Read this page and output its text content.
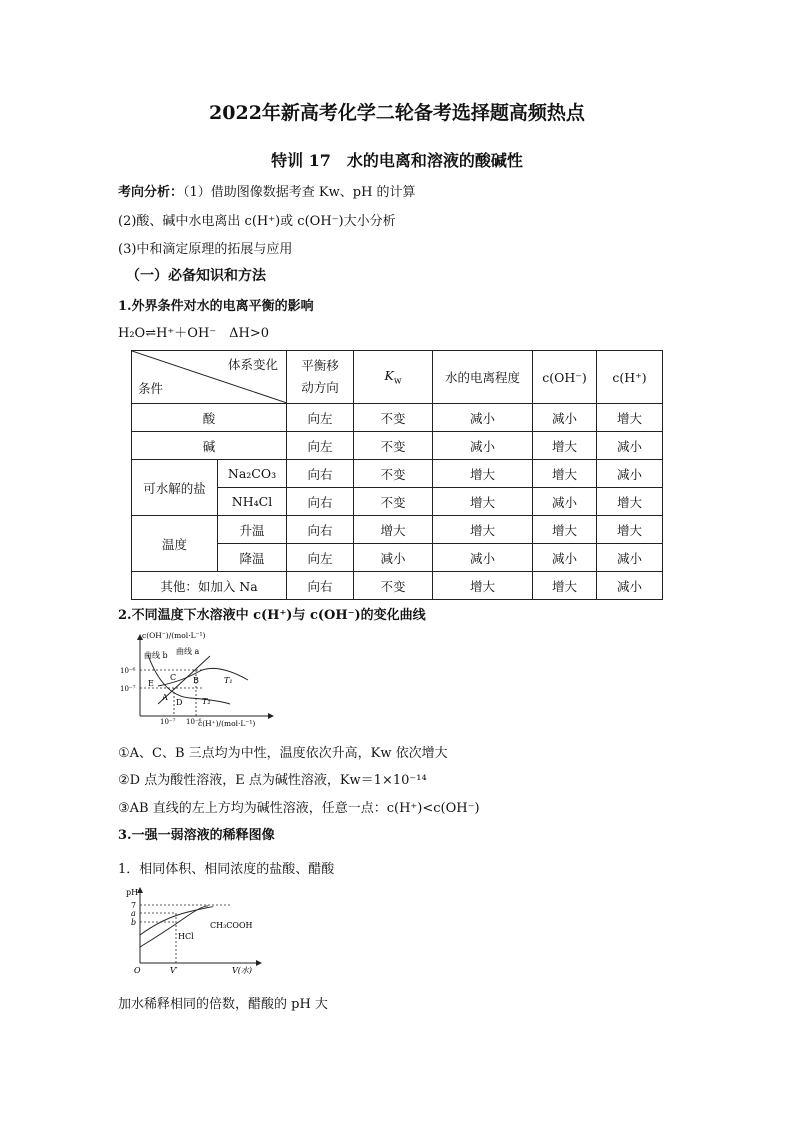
2022年新高考化学二轮备考选择题高频热点
特训 17　水的电离和溶液的酸碱性
考向分析：（1）借助图像数据考查 Kw、pH 的计算
(2)酸、碱中水电离出 c(H⁺)或 c(OH⁻)大小分析
(3)中和滴定原理的拓展与应用
（一）必备知识和方法
1.外界条件对水的电离平衡的影响
H₂O⇌H⁺＋OH⁻　ΔH>0
体系变化
条件		平衡移动方向	$K_w$	水的电离程度	c(OH⁻)	c(H⁺)
酸		向左	不变	减小	减小	增大
碱		向左	不变	减小	增大	减小
可水解的盐	Na₂CO₃	向右	不变	增大	增大	减小
	NH₄Cl	向右	不变	增大	减小	增大
温度	升温	向右	增大	增大	增大	增大
	降温	向左	减小	减小	减小	减小
其他：如加入 Na		向右	不变	增大	增大	减小
2.不同温度下水溶液中 c(H⁺)与 c(OH⁻)的变化曲线
c(OH⁻)/(mol·L⁻¹)
c(H⁺)/(mol·L⁻¹)
10⁻⁶
10⁻⁷
10⁻⁷ 10⁻⁶
曲线 b 曲线 a
T₁
T₂
A
B
C
D
E
①A、C、B 三点均为中性，温度依次升高，Kw 依次增大
②D 点为酸性溶液，E 点为碱性溶液，Kw＝1×10⁻¹⁴
③AB 直线的左上方均为碱性溶液，任意一点：c(H⁺)<c(OH⁻)
3.一强一弱溶液的稀释图像
1．相同体积、相同浓度的盐酸、醋酸
pH
7
a
b
O	V′	V(水)
HCl
CH₃COOH
加水稀释相同的倍数，醋酸的 pH 大
